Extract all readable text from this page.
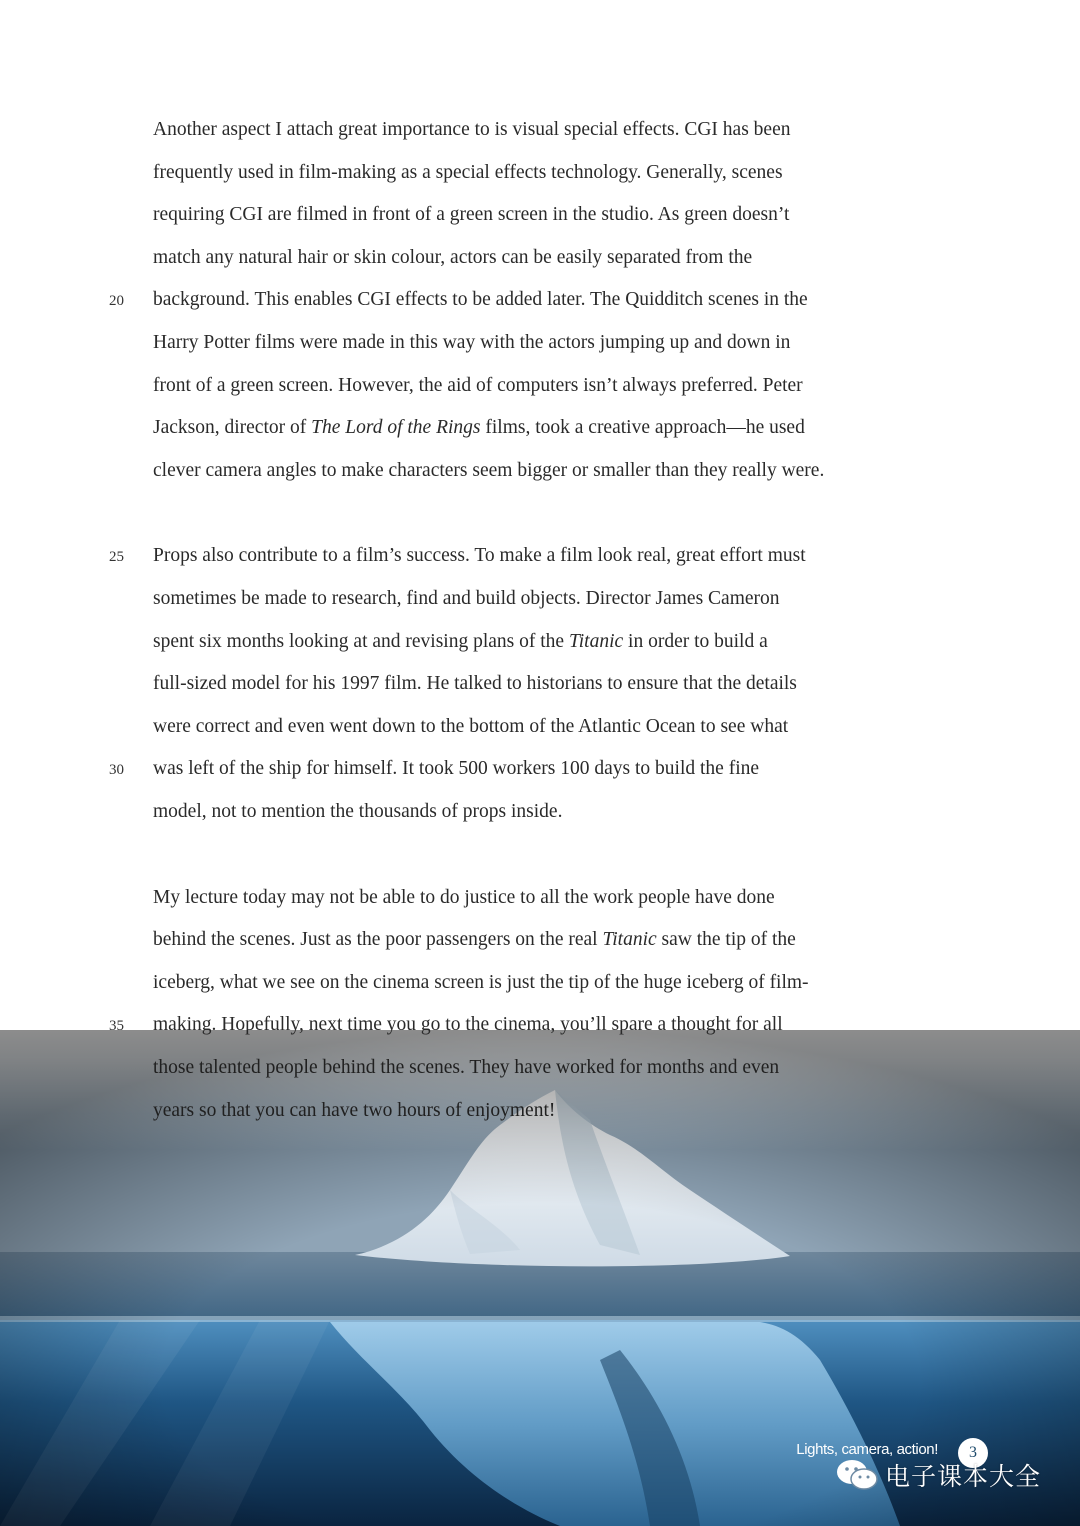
Another aspect I attach great importance to is visual special effects. CGI has been
frequently used in film-making as a special effects technology. Generally, scenes
requiring CGI are filmed in front of a green screen in the studio. As green doesn’t
match any natural hair or skin colour, actors can be easily separated from the
background. This enables CGI effects to be added later. The Quidditch scenes in the
20
Harry Potter films were made in this way with the actors jumping up and down in
front of a green screen. However, the aid of computers isn’t always preferred. Peter
Jackson, director of The Lord of the Rings films, took a creative approach—he used
clever camera angles to make characters seem bigger or smaller than they really were.
Props also contribute to a film’s success. To make a film look real, great effort must
25
sometimes be made to research, find and build objects. Director James Cameron
spent six months looking at and revising plans of the Titanic in order to build a
full-sized model for his 1997 film. He talked to historians to ensure that the details
were correct and even went down to the bottom of the Atlantic Ocean to see what
was left of the ship for himself. It took 500 workers 100 days to build the fine
30
model, not to mention the thousands of props inside.
My lecture today may not be able to do justice to all the work people have done
behind the scenes. Just as the poor passengers on the real Titanic saw the tip of the
iceberg, what we see on the cinema screen is just the tip of the huge iceberg of film-
making. Hopefully, next time you go to the cinema, you’ll spare a thought for all
35
those talented people behind the scenes. They have worked for months and even
years so that you can have two hours of enjoyment!
Lights, camera, action!	3
电子课本大全
